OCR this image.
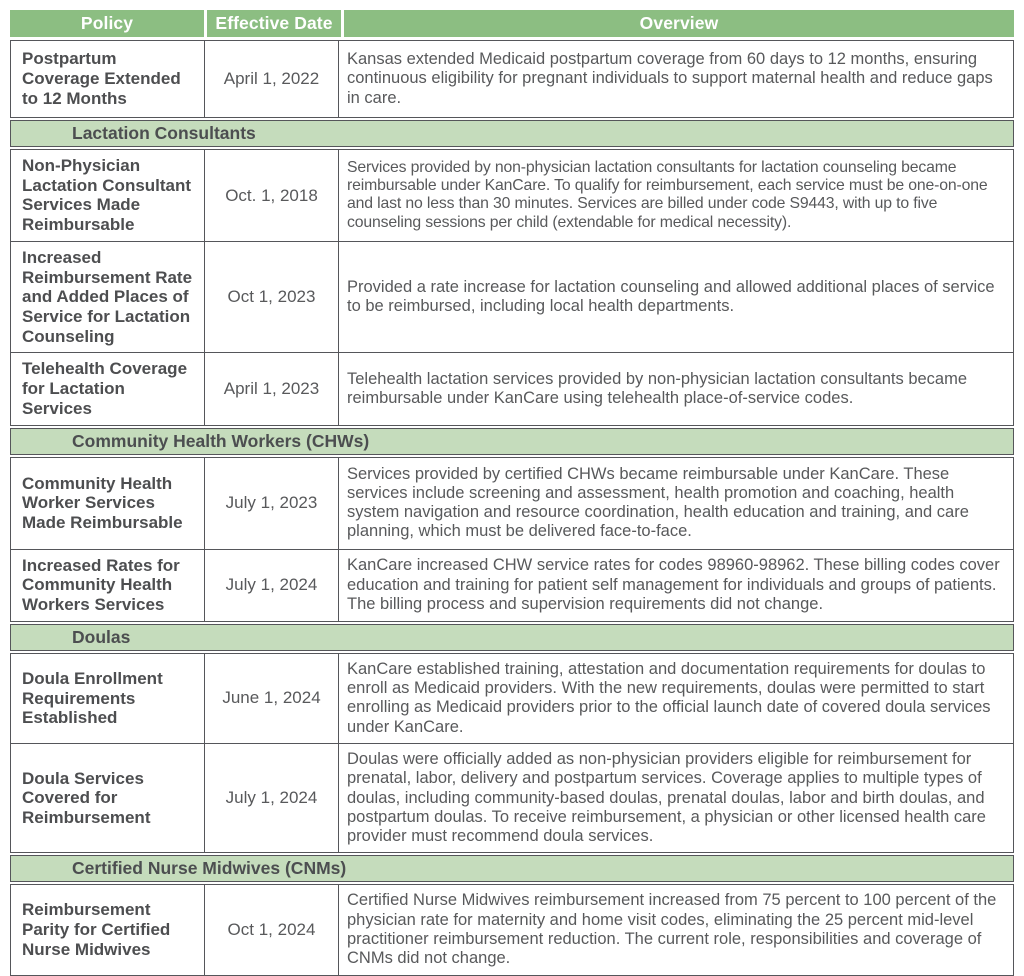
Policy	Effective Date	Overview
Postpartum Coverage Extended to 12 Months
April 1, 2022
Kansas extended Medicaid postpartum coverage from 60 days to 12 months, ensuring continuous eligibility for pregnant individuals to support maternal health and reduce gaps in care.
Lactation Consultants
Non-Physician Lactation Consultant Services Made Reimbursable
Oct. 1, 2018
Services provided by non-physician lactation consultants for lactation counseling became reimbursable under KanCare. To qualify for reimbursement, each service must be one-on-one and last no less than 30 minutes. Services are billed under code S9443, with up to five counseling sessions per child (extendable for medical necessity).
Increased Reimbursement Rate and Added Places of Service for Lactation Counseling
Oct 1, 2023
Provided a rate increase for lactation counseling and allowed additional places of service to be reimbursed, including local health departments.
Telehealth Coverage for Lactation Services
April 1, 2023
Telehealth lactation services provided by non-physician lactation consultants became reimbursable under KanCare using telehealth place-of-service codes.
Community Health Workers (CHWs)
Community Health Worker Services Made Reimbursable
July 1, 2023
Services provided by certified CHWs became reimbursable under KanCare. These services include screening and assessment, health promotion and coaching, health system navigation and resource coordination, health education and training, and care planning, which must be delivered face-to-face.
Increased Rates for Community Health Workers Services
July 1, 2024
KanCare increased CHW service rates for codes 98960-98962. These billing codes cover education and training for patient self management for individuals and groups of patients. The billing process and supervision requirements did not change.
Doulas
Doula Enrollment Requirements Established
June 1, 2024
KanCare established training, attestation and documentation requirements for doulas to enroll as Medicaid providers. With the new requirements, doulas were permitted to start enrolling as Medicaid providers prior to the official launch date of covered doula services under KanCare.
Doula Services Covered for Reimbursement
July 1, 2024
Doulas were officially added as non-physician providers eligible for reimbursement for prenatal, labor, delivery and postpartum services. Coverage applies to multiple types of doulas, including community-based doulas, prenatal doulas, labor and birth doulas, and postpartum doulas. To receive reimbursement, a physician or other licensed health care provider must recommend doula services.
Certified Nurse Midwives (CNMs)
Reimbursement Parity for Certified Nurse Midwives
Oct 1, 2024
Certified Nurse Midwives reimbursement increased from 75 percent to 100 percent of the physician rate for maternity and home visit codes, eliminating the 25 percent mid-level practitioner reimbursement reduction. The current role, responsibilities and coverage of CNMs did not change.
